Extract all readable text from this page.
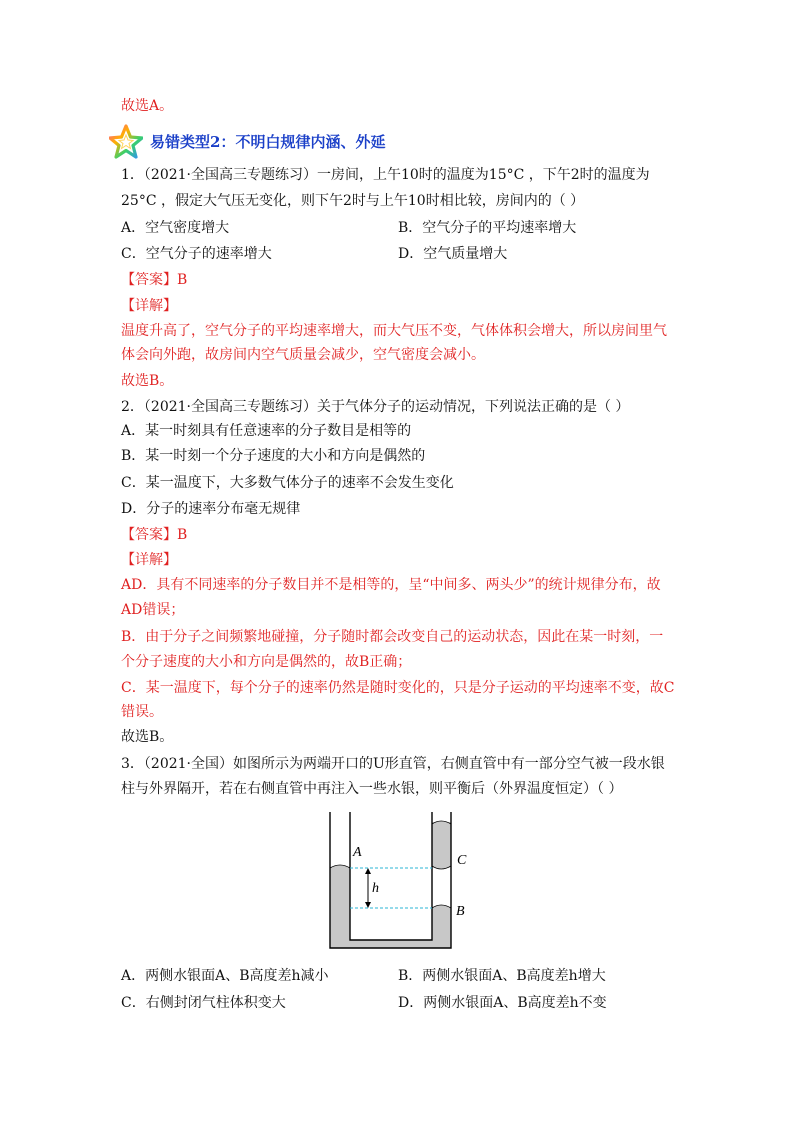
故选A。
易错类型2：不明白规律内涵、外延
1．（2021·全国高三专题练习）一房间，上午10时的温度为15°C ，下午2时的温度为
25°C ，假定大气压无变化，则下午2时与上午10时相比较，房间内的（ ）
A．空气密度增大	B．空气分子的平均速率增大
C．空气分子的速率增大	D．空气质量增大
【答案】B
【详解】
温度升高了，空气分子的平均速率增大，而大气压不变，气体体积会增大，所以房间里气
体会向外跑，故房间内空气质量会减少，空气密度会减小。
故选B。
2．（2021·全国高三专题练习）关于气体分子的运动情况，下列说法正确的是（ ）
A．某一时刻具有任意速率的分子数目是相等的
B．某一时刻一个分子速度的大小和方向是偶然的
C．某一温度下，大多数气体分子的速率不会发生变化
D．分子的速率分布毫无规律
【答案】B
【详解】
AD．具有不同速率的分子数目并不是相等的，呈“中间多、两头少”的统计规律分布，故
AD错误；
B．由于分子之间频繁地碰撞，分子随时都会改变自己的运动状态，因此在某一时刻，一
个分子速度的大小和方向是偶然的，故B正确；
C．某一温度下，每个分子的速率仍然是随时变化的，只是分子运动的平均速率不变，故C
错误。
故选B。
3．（2021·全国）如图所示为两端开口的U形直管，右侧直管中有一部分空气被一段水银
柱与外界隔开，若在右侧直管中再注入一些水银，则平衡后（外界温度恒定）（ ）
A
h
C
B
A．两侧水银面A、B高度差h减小	B．两侧水银面A、B高度差h增大
C．右侧封闭气柱体积变大	D．两侧水银面A、B高度差h不变
